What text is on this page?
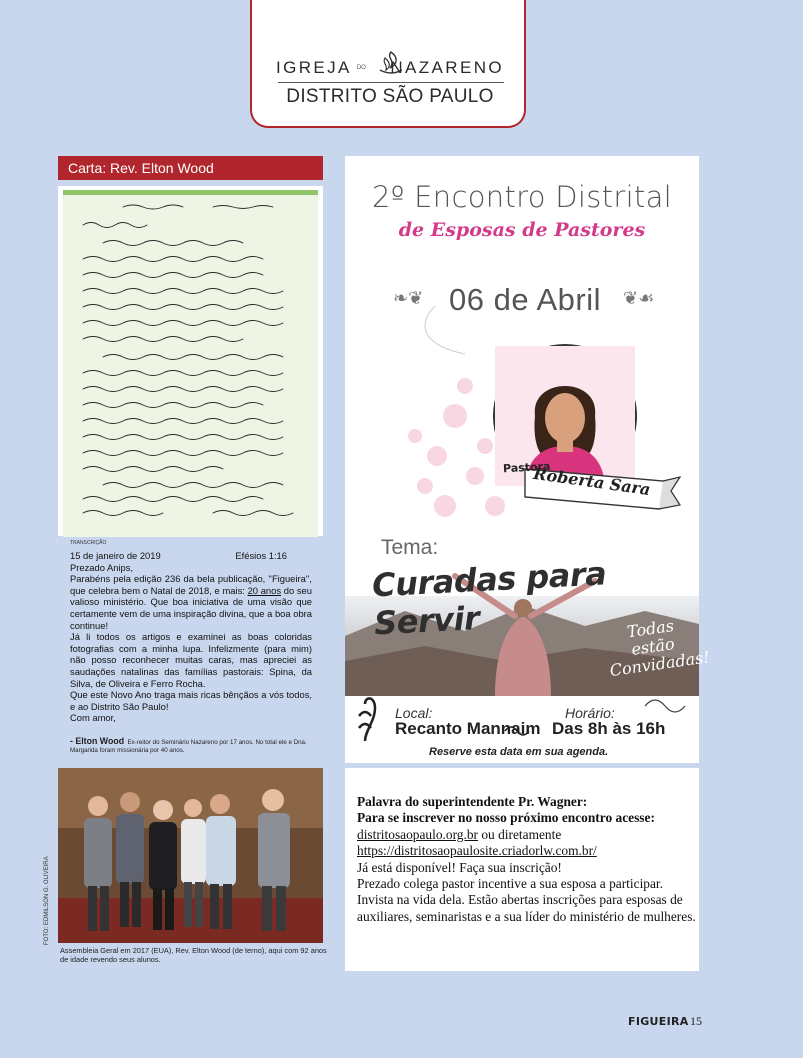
IGREJA DO NAZARENO
DISTRITO SÃO PAULO
Carta: Rev. Elton Wood
TRANSCRIÇÃO
15 de janeiro de 2019	Efésios 1:16

Prezado Anips,

Parabéns pela edição 236 da bela publicação, ''Figueira'', que celebra bem o Natal de 2018, e mais: 20 anos do seu valioso ministério. Que boa iniciativa de uma visão que certamente vem de uma inspiração divina, que a boa obra continue!

Já li todos os artigos e examinei as boas coloridas fotografias com a minha lupa. Infelizmente (para mim) não posso reconhecer muitas caras, mas apreciei as saudações natalinas das famílias pastorais: Spina, da Silva, de Oliveira e Ferro Rocha.

Que este Novo Ano traga mais ricas bênçãos a vós todos, e ao Distrito São Paulo!

Com amor,

- Elton Wood Ex-reitor do Seminário Nazareno por 17 anos. No total ele e Dna. Margarida foram missionária por 40 anos.
FOTO: EDMILSON G. OLIVEIRA
Assembleia Geral em 2017 (EUA), Rev. Elton Wood (de terno), aqui com 92 anos de idade revendo seus alunos.
2º Encontro Distrital
de Esposas de Pastores
❧❦ 06 de Abril	❦☙
Pastora
Roberta Sara
Tema:
Curadas para Servir	Todas estão Convidadas!
Local:
Recanto Mannaim
Horário:
Das 8h às 16h
Reserve esta data em sua agenda.

Palavra do superintendente Pr. Wagner:

Para se inscrever no nosso próximo encontro acesse:

distritosaopaulo.org.br ou diretamente

https://distritosaopaulosite.criadorlw.com.br/

Já está disponível! Faça sua inscrição!

Prezado colega pastor incentive a sua esposa a participar. Invista na vida dela. Estão abertas inscrições para esposas de auxiliares, seminaristas e a sua líder do ministério de mulheres.

FIGUEIRA 15
